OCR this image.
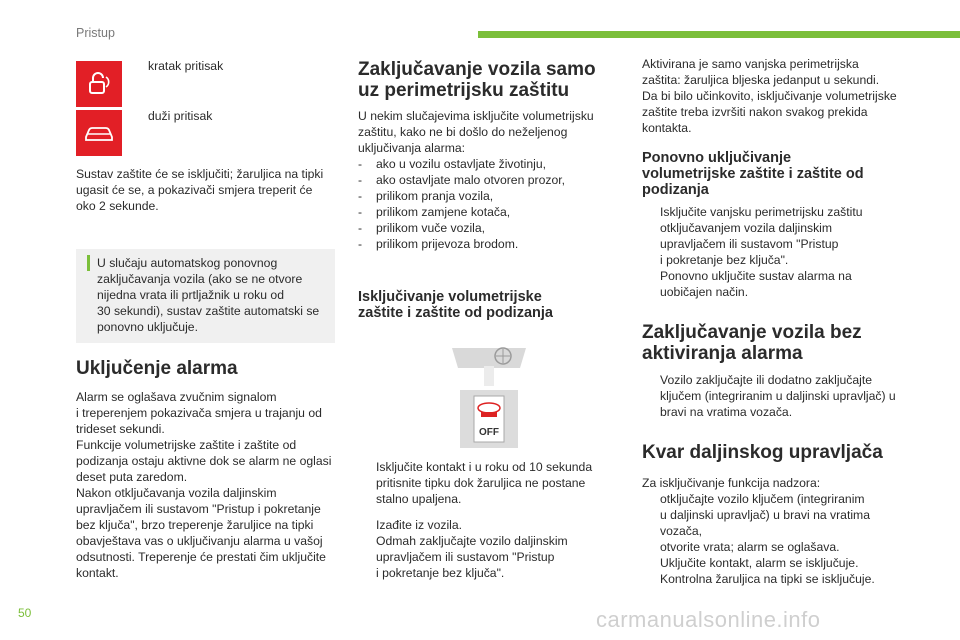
Pristup
kratak pritisak
duži pritisak
Sustav zaštite će se isključiti; žaruljica na tipki
ugasit će se, a pokazivači smjera treperit će
oko 2 sekunde.
U slučaju automatskog ponovnog
zaključavanja vozila (ako se ne otvore
nijedna vrata ili prtljažnik u roku od
30 sekundi), sustav zaštite automatski se
ponovno uključuje.
Uključenje alarma
Alarm se oglašava zvučnim signalom
i treperenjem pokazivača smjera u trajanju od
trideset sekundi.
Funkcije volumetrijske zaštite i zaštite od
podizanja ostaju aktivne dok se alarm ne oglasi
deset puta zaredom.
Nakon otključavanja vozila daljinskim
upravljačem ili sustavom "Pristup i pokretanje
bez ključa", brzo treperenje žaruljice na tipki
obavještava vas o uključivanju alarma u vašoj
odsutnosti. Treperenje će prestati čim uključite
kontakt.
Zaključavanje vozila samo
uz perimetrijsku zaštitu
U nekim slučajevima isključite volumetrijsku
zaštitu, kako ne bi došlo do neželjenog
uključivanja alarma:
- ako u vozilu ostavljate životinju,
- ako ostavljate malo otvoren prozor,
- prilikom pranja vozila,
- prilikom zamjene kotača,
- prilikom vuče vozila,
- prilikom prijevoza brodom.
Isključivanje volumetrijske
zaštite i zaštite od podizanja
OFF
Isključite kontakt i u roku od 10 sekunda
pritisnite tipku dok žaruljica ne postane
stalno upaljena.
Izađite iz vozila.
Odmah zaključajte vozilo daljinskim
upravljačem ili sustavom "Pristup
i pokretanje bez ključa".
Aktivirana je samo vanjska perimetrijska
zaštita: žaruljica bljeska jedanput u sekundi.
Da bi bilo učinkovito, isključivanje volumetrijske
zaštite treba izvršiti nakon svakog prekida
kontakta.
Ponovno uključivanje
volumetrijske zaštite i zaštite od
podizanja
Isključite vanjsku perimetrijsku zaštitu
otključavanjem vozila daljinskim
upravljačem ili sustavom "Pristup
i pokretanje bez ključa".
Ponovno uključite sustav alarma na
uobičajen način.
Zaključavanje vozila bez
aktiviranja alarma
Vozilo zaključajte ili dodatno zaključajte
ključem (integriranim u daljinski upravljač) u
bravi na vratima vozača.
Kvar daljinskog upravljača
Za isključivanje funkcija nadzora:
otključajte vozilo ključem (integriranim
u daljinski upravljač) u bravi na vratima
vozača,
otvorite vrata; alarm se oglašava.
Uključite kontakt, alarm se isključuje.
Kontrolna žaruljica na tipki se isključuje.
50	carmanualsonline.info
